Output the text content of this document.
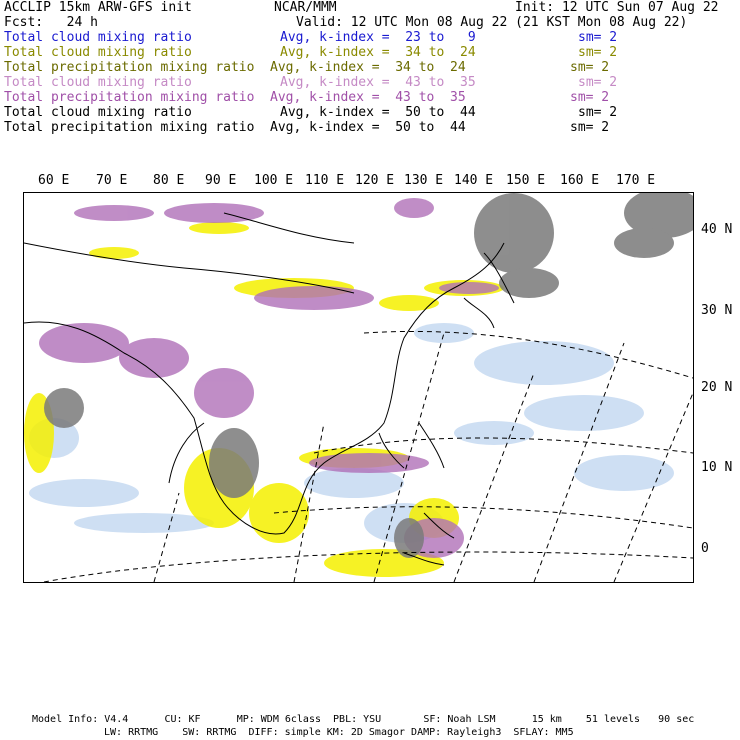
ACCLIP 15km ARW-GFS init	NCAR/MMM	Init: 12 UTC Sun 07 Aug 22
Fcst:   24 h	Valid: 12 UTC Mon 08 Aug 22 (21 KST Mon 08 Aug 22)
Total cloud mixing ratio	Avg, k-index =  23 to   9	sm= 2
Total cloud mixing ratio	Avg, k-index =  34 to  24	sm= 2
Total precipitation mixing ratio Avg, k-index =  34 to  24	sm= 2
Total cloud mixing ratio	Avg, k-index =  43 to  35	sm= 2
Total precipitation mixing ratio Avg, k-index =  43 to  35	sm= 2
Total cloud mixing ratio	Avg, k-index =  50 to  44	sm= 2
Total precipitation mixing ratio Avg, k-index =  50 to  44	sm= 2
60 E 70 E 80 E 90 E 100 E 110 E 120 E 130 E 140 E 150 E 160 E 170 E
40 N
30 N
20 N
10 N
0
Model Info: V4.4      CU: KF      MP: WDM 6class  PBL: YSU       SF: Noah LSM      15 km    51 levels   90 sec
LW: RRTMG    SW: RRTMG  DIFF: simple KM: 2D Smagor DAMP: Rayleigh3  SFLAY: MM5
